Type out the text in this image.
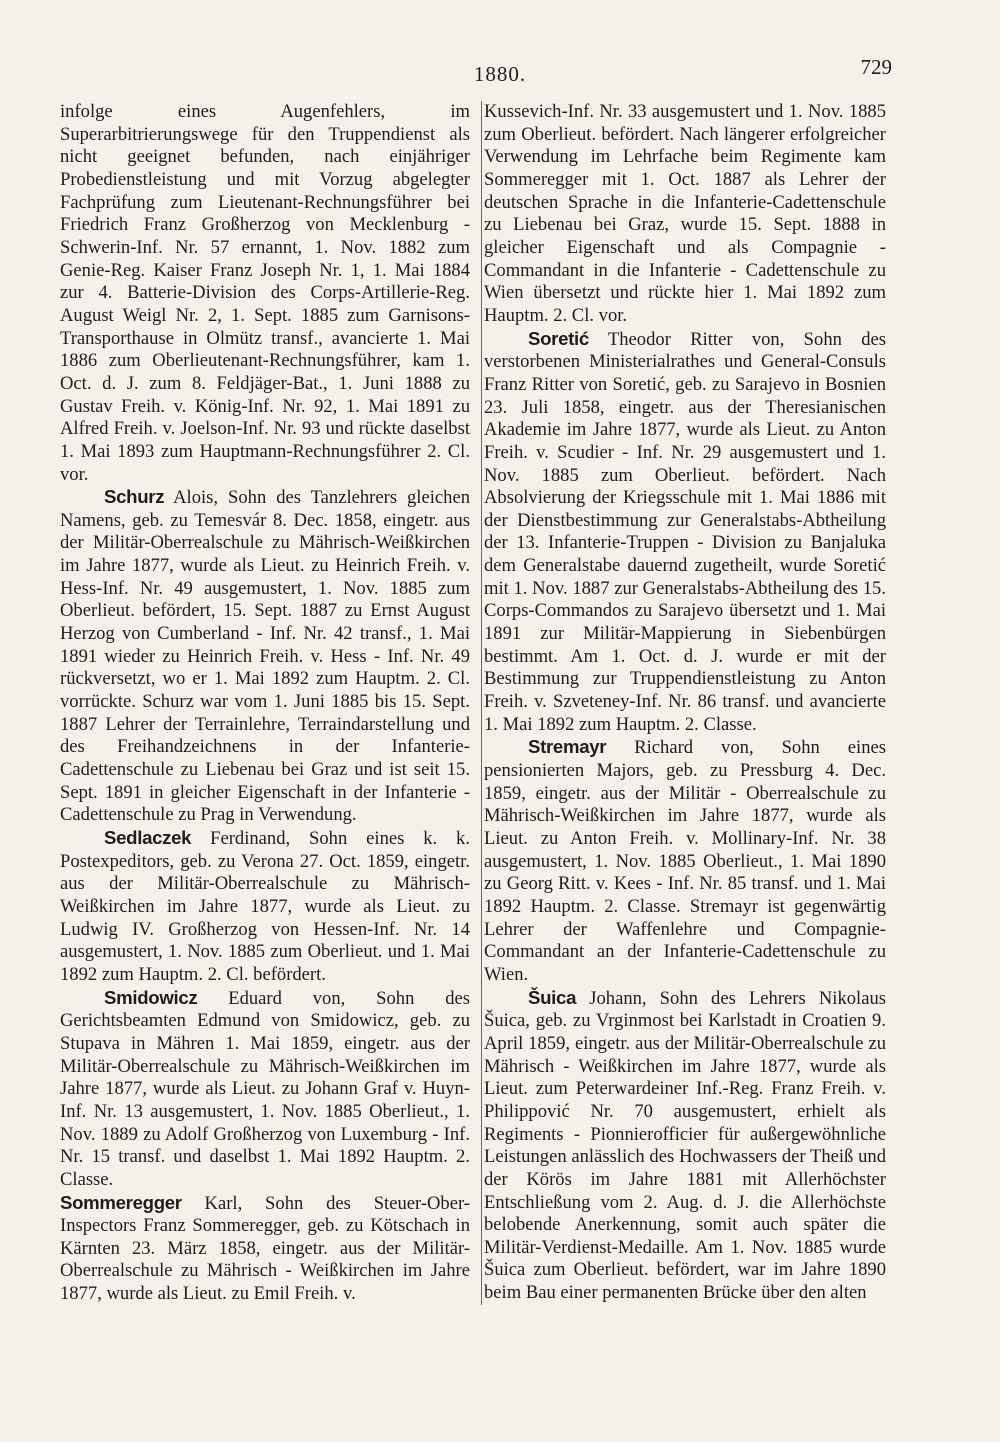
1880.	729

infolge eines Augenfehlers, im Superarbitrierungswege für den Truppendienst als nicht geeignet befunden, nach einjähriger Probedienstleistung und mit Vorzug abgelegter Fachprüfung zum Lieutenant-Rechnungsführer bei Friedrich Franz Großherzog von Mecklenburg - Schwerin-Inf. Nr. 57 ernannt, 1. Nov. 1882 zum Genie-Reg. Kaiser Franz Joseph Nr. 1, 1. Mai 1884 zur 4. Batterie-Division des Corps-Artillerie-Reg. August Weigl Nr. 2, 1. Sept. 1885 zum Garnisons-Transporthause in Olmütz transf., avancierte 1. Mai 1886 zum Oberlieutenant-Rechnungsführer, kam 1. Oct. d. J. zum 8. Feldjäger-Bat., 1. Juni 1888 zu Gustav Freih. v. König-Inf. Nr. 92, 1. Mai 1891 zu Alfred Freih. v. Joelson-Inf. Nr. 93 und rückte daselbst 1. Mai 1893 zum Hauptmann-Rechnungsführer 2. Cl. vor.

Schurz Alois, Sohn des Tanzlehrers gleichen Namens, geb. zu Temesvár 8. Dec. 1858, eingetr. aus der Militär-Oberrealschule zu Mährisch-Weißkirchen im Jahre 1877, wurde als Lieut. zu Heinrich Freih. v. Hess-Inf. Nr. 49 ausgemustert, 1. Nov. 1885 zum Oberlieut. befördert, 15. Sept. 1887 zu Ernst August Herzog von Cumberland - Inf. Nr. 42 transf., 1. Mai 1891 wieder zu Heinrich Freih. v. Hess - Inf. Nr. 49 rückversetzt, wo er 1. Mai 1892 zum Hauptm. 2. Cl. vorrückte. Schurz war vom 1. Juni 1885 bis 15. Sept. 1887 Lehrer der Terrainlehre, Terraindarstellung und des Freihandzeichnens in der Infanterie-Cadettenschule zu Liebenau bei Graz und ist seit 15. Sept. 1891 in gleicher Eigenschaft in der Infanterie - Cadettenschule zu Prag in Verwendung.

Sedlaczek Ferdinand, Sohn eines k. k. Postexpeditors, geb. zu Verona 27. Oct. 1859, eingetr. aus der Militär-Oberrealschule zu Mährisch-Weißkirchen im Jahre 1877, wurde als Lieut. zu Ludwig IV. Großherzog von Hessen-Inf. Nr. 14 ausgemustert, 1. Nov. 1885 zum Oberlieut. und 1. Mai 1892 zum Hauptm. 2. Cl. befördert.

Smidowicz Eduard von, Sohn des Gerichtsbeamten Edmund von Smidowicz, geb. zu Stupava in Mähren 1. Mai 1859, eingetr. aus der Militär-Oberrealschule zu Mährisch-Weißkirchen im Jahre 1877, wurde als Lieut. zu Johann Graf v. Huyn-Inf. Nr. 13 ausgemustert, 1. Nov. 1885 Oberlieut., 1. Nov. 1889 zu Adolf Großherzog von Luxemburg - Inf. Nr. 15 transf. und daselbst 1. Mai 1892 Hauptm. 2. Classe.

Sommeregger Karl, Sohn des Steuer-Ober-Inspectors Franz Sommeregger, geb. zu Kötschach in Kärnten 23. März 1858, eingetr. aus der Militär-Oberrealschule zu Mährisch - Weißkirchen im Jahre 1877, wurde als Lieut. zu Emil Freih. v.

Kussevich-Inf. Nr. 33 ausgemustert und 1. Nov. 1885 zum Oberlieut. befördert. Nach längerer erfolgreicher Verwendung im Lehrfache beim Regimente kam Sommeregger mit 1. Oct. 1887 als Lehrer der deutschen Sprache in die Infanterie-Cadettenschule zu Liebenau bei Graz, wurde 15. Sept. 1888 in gleicher Eigenschaft und als Compagnie - Commandant in die Infanterie - Cadettenschule zu Wien übersetzt und rückte hier 1. Mai 1892 zum Hauptm. 2. Cl. vor.

Soretić Theodor Ritter von, Sohn des verstorbenen Ministerialrathes und General-Consuls Franz Ritter von Soretić, geb. zu Sarajevo in Bosnien 23. Juli 1858, eingetr. aus der Theresianischen Akademie im Jahre 1877, wurde als Lieut. zu Anton Freih. v. Scudier - Inf. Nr. 29 ausgemustert und 1. Nov. 1885 zum Oberlieut. befördert. Nach Absolvierung der Kriegsschule mit 1. Mai 1886 mit der Dienstbestimmung zur Generalstabs-Abtheilung der 13. Infanterie-Truppen - Division zu Banjaluka dem Generalstabe dauernd zugetheilt, wurde Soretić mit 1. Nov. 1887 zur Generalstabs-Abtheilung des 15. Corps-Commandos zu Sarajevo übersetzt und 1. Mai 1891 zur Militär-Mappierung in Siebenbürgen bestimmt. Am 1. Oct. d. J. wurde er mit der Bestimmung zur Truppendienstleistung zu Anton Freih. v. Szveteney-Inf. Nr. 86 transf. und avancierte 1. Mai 1892 zum Hauptm. 2. Classe.

Stremayr Richard von, Sohn eines pensionierten Majors, geb. zu Pressburg 4. Dec. 1859, eingetr. aus der Militär - Oberrealschule zu Mährisch-Weißkirchen im Jahre 1877, wurde als Lieut. zu Anton Freih. v. Mollinary-Inf. Nr. 38 ausgemustert, 1. Nov. 1885 Oberlieut., 1. Mai 1890 zu Georg Ritt. v. Kees - Inf. Nr. 85 transf. und 1. Mai 1892 Hauptm. 2. Classe. Stremayr ist gegenwärtig Lehrer der Waffenlehre und Compagnie-Commandant an der Infanterie-Cadettenschule zu Wien.

Šuica Johann, Sohn des Lehrers Nikolaus Šuica, geb. zu Vrginmost bei Karlstadt in Croatien 9. April 1859, eingetr. aus der Militär-Oberrealschule zu Mährisch - Weißkirchen im Jahre 1877, wurde als Lieut. zum Peterwardeiner Inf.-Reg. Franz Freih. v. Philippović Nr. 70 ausgemustert, erhielt als Regiments - Pionnierofficier für außergewöhnliche Leistungen anlässlich des Hochwassers der Theiß und der Körös im Jahre 1881 mit Allerhöchster Entschließung vom 2. Aug. d. J. die Allerhöchste belobende Anerkennung, somit auch später die Militär-Verdienst-Medaille. Am 1. Nov. 1885 wurde Šuica zum Oberlieut. befördert, war im Jahre 1890 beim Bau einer permanenten Brücke über den alten
